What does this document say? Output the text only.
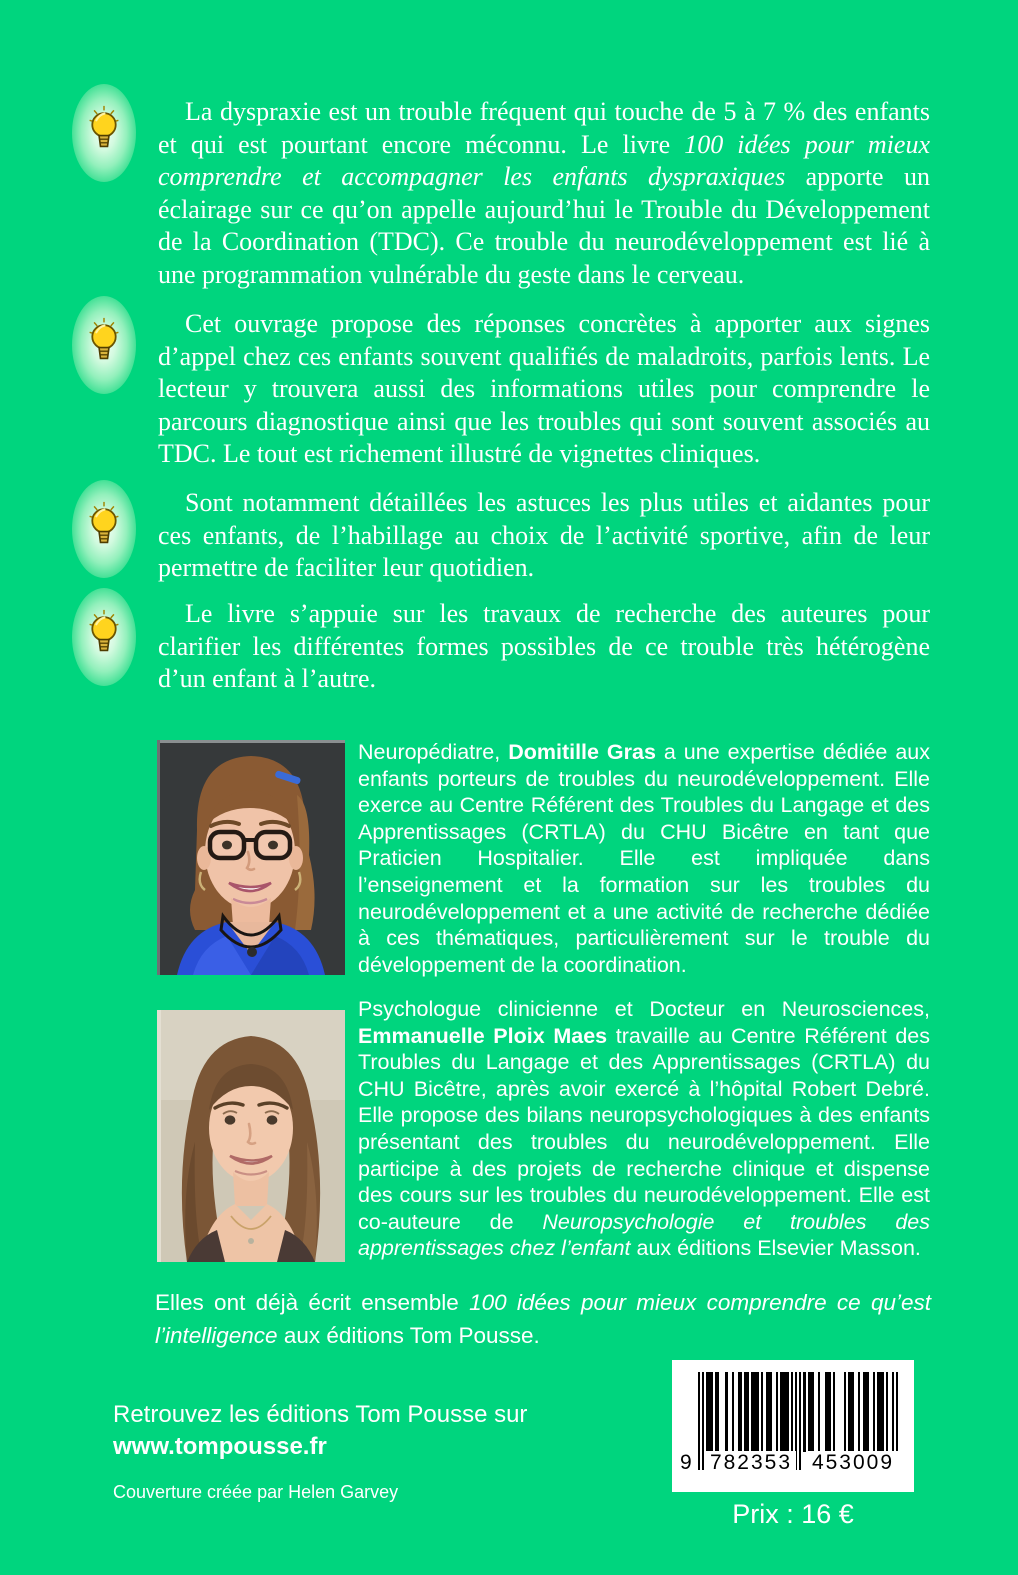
La dyspraxie est un trouble fréquent qui touche de 5 à 7 % des enfants et qui est pourtant encore méconnu. Le livre 100 idées pour mieux comprendre et accompagner les enfants dyspraxiques apporte un éclairage sur ce qu’on appelle aujourd’hui le Trouble du Développement de la Coordination (TDC). Ce trouble du neurodéveloppement est lié à une programmation vulnérable du geste dans le cerveau.

Cet ouvrage propose des réponses concrètes à apporter aux signes d’appel chez ces enfants souvent qualifiés de maladroits, parfois lents. Le lecteur y trouvera aussi des informations utiles pour comprendre le parcours diagnostique ainsi que les troubles qui sont souvent associés au TDC. Le tout est richement illustré de vignettes cliniques.

Sont notamment détaillées les astuces les plus utiles et aidantes pour ces enfants, de l’habillage au choix de l’activité sportive, afin de leur permettre de faciliter leur quotidien.

Le livre s’appuie sur les travaux de recherche des auteures pour clarifier les différentes formes possibles de ce trouble très hétérogène d’un enfant à l’autre.

Neuropédiatre, Domitille Gras a une expertise dédiée aux enfants porteurs de troubles du neurodéveloppement. Elle exerce au Centre Référent des Troubles du Langage et des Apprentissages (CRTLA) du CHU Bicêtre en tant que Praticien Hospitalier. Elle est impliquée dans l’enseignement et la formation sur les troubles du neurodéveloppement et a une activité de recherche dédiée à ces thématiques, particulièrement sur le trouble du développement de la coordination.

Psychologue clinicienne et Docteur en Neurosciences, Emmanuelle Ploix Maes travaille au Centre Référent des Troubles du Langage et des Apprentissages (CRTLA) du CHU Bicêtre, après avoir exercé à l’hôpital Robert Debré. Elle propose des bilans neuropsychologiques à des enfants présentant des troubles du neurodéveloppement. Elle participe à des projets de recherche clinique et dispense des cours sur les troubles du neurodéveloppement. Elle est co-auteure de Neuropsychologie et troubles des apprentissages chez l’enfant aux éditions Elsevier Masson.

Elles ont déjà écrit ensemble 100 idées pour mieux comprendre ce qu’est l’intelligence aux éditions Tom Pousse.

Retrouvez les éditions Tom Pousse sur

www.tompousse.fr

Couverture créée par Helen Garvey

9 782353 453009

Prix : 16 €
